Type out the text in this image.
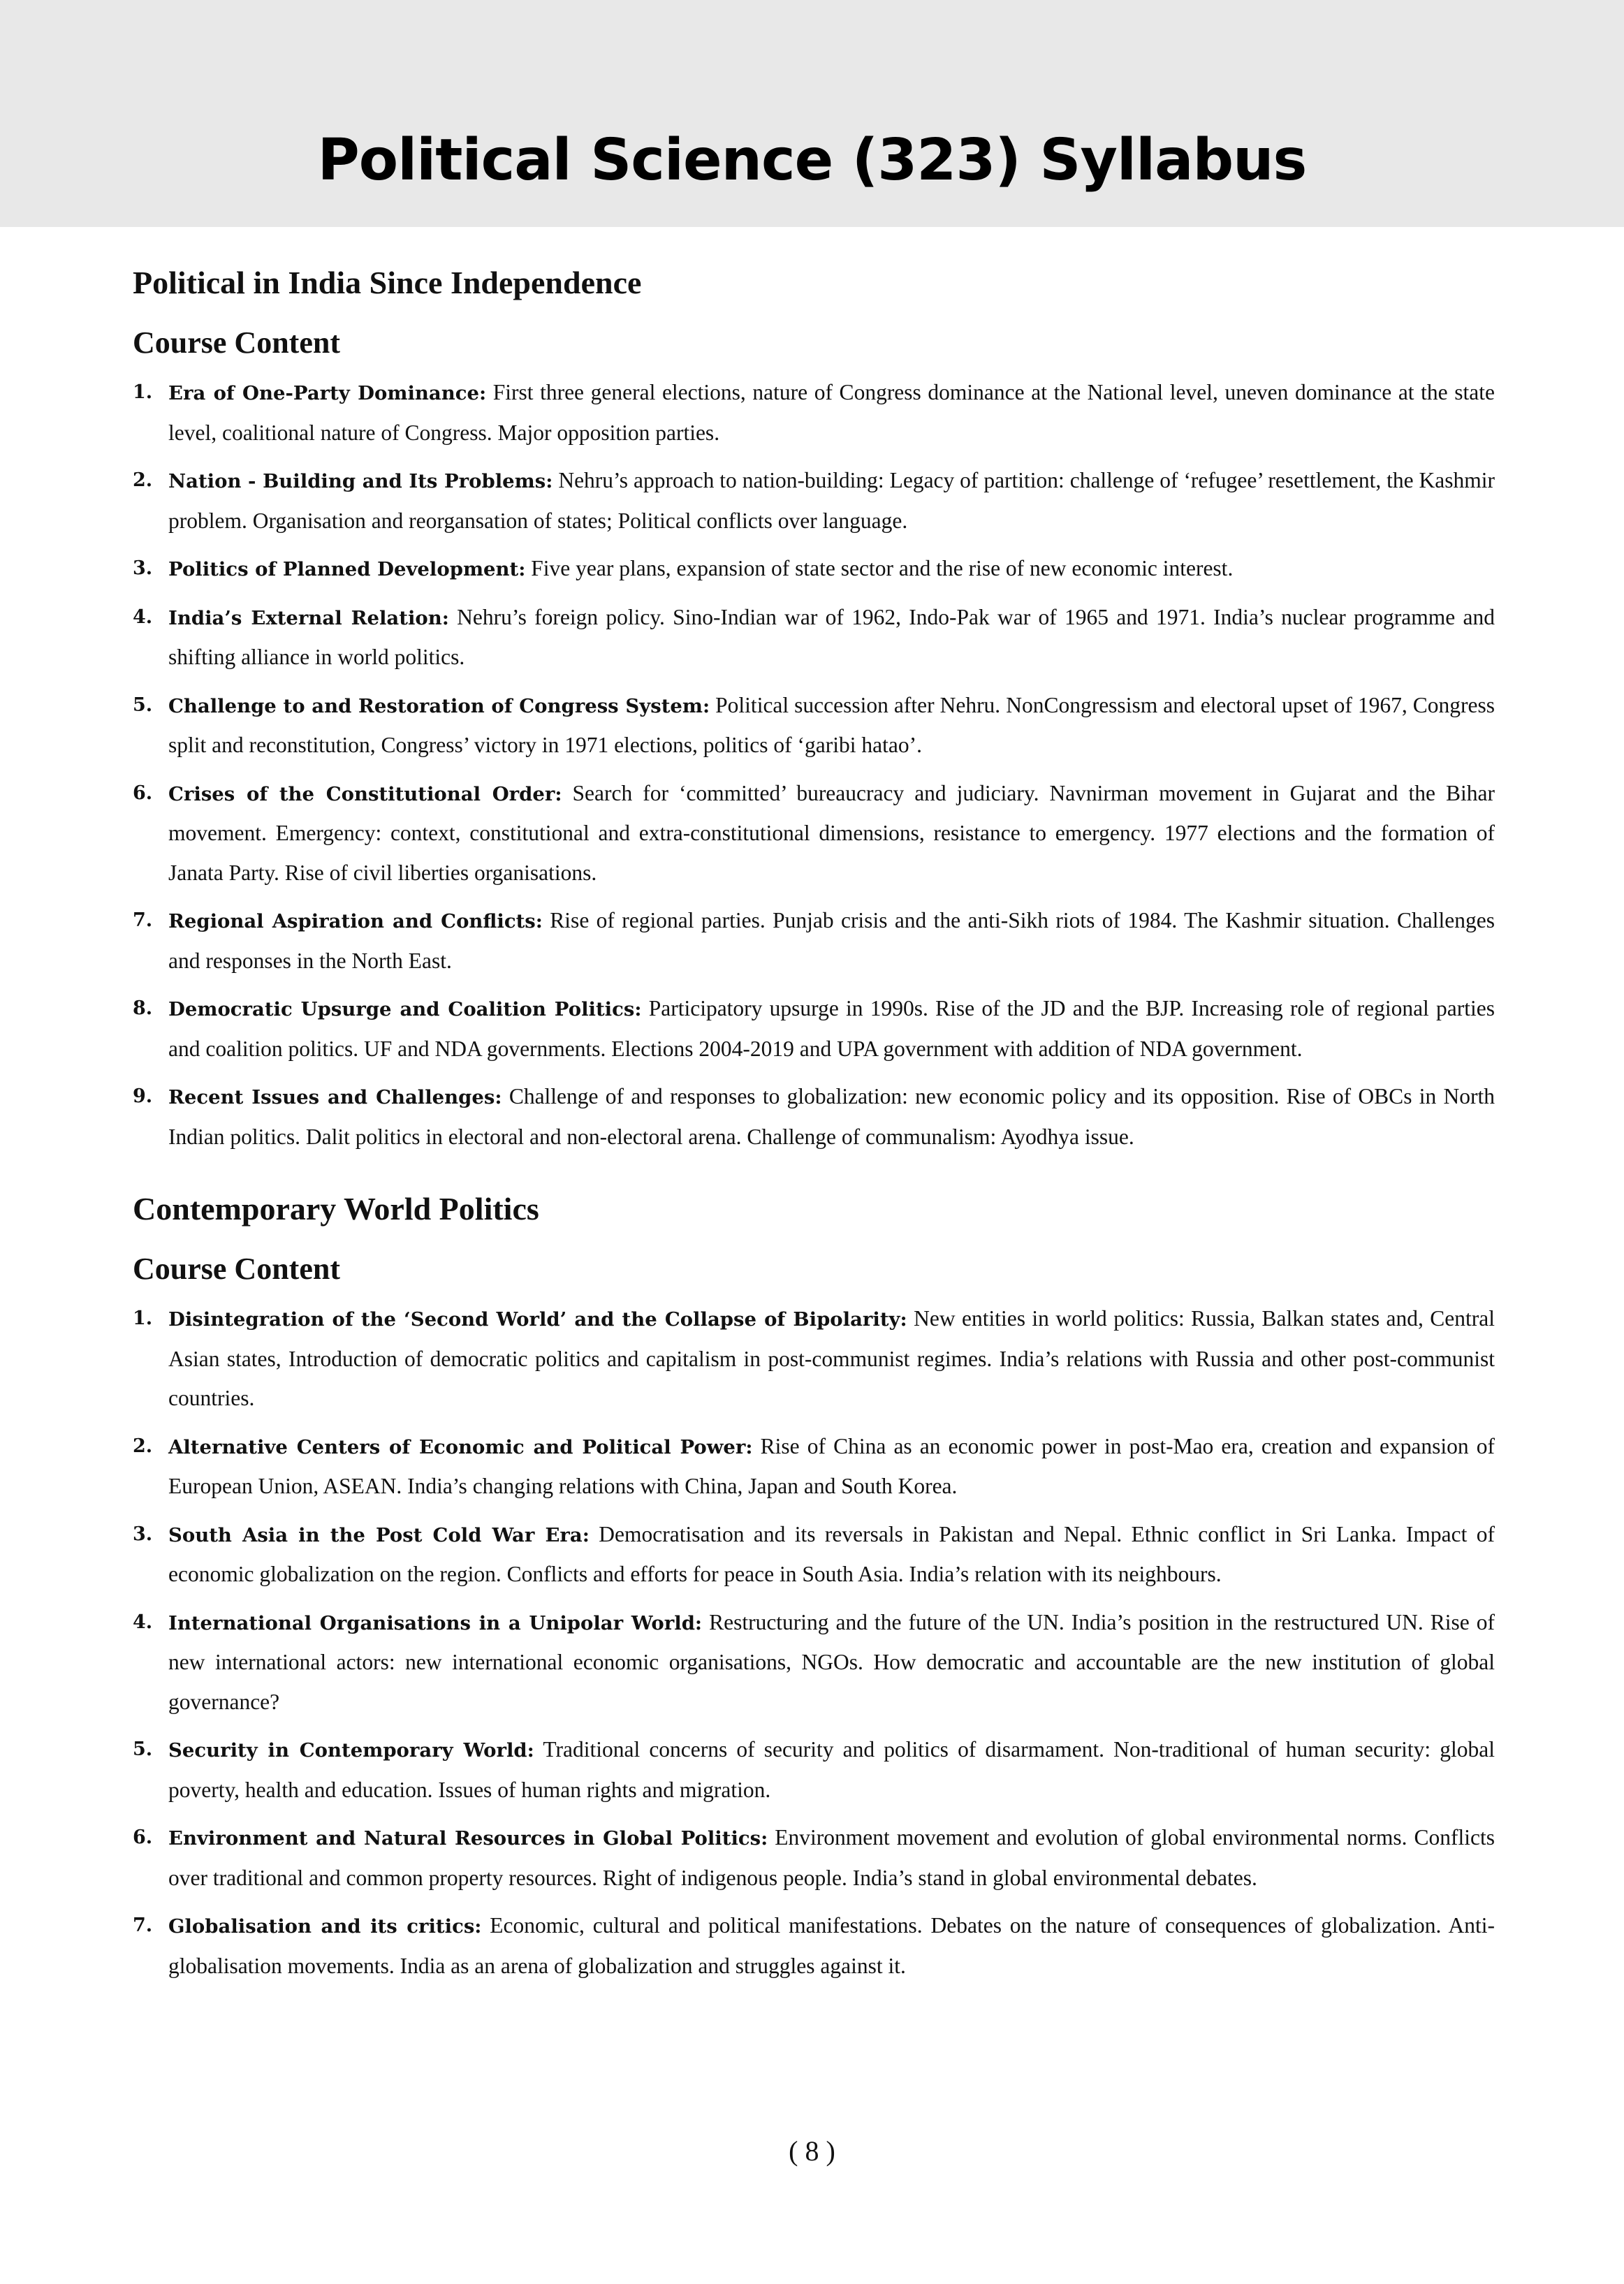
Political Science (323) Syllabus
Political in India Since Independence
Course Content
1. Era of One-Party Dominance: First three general elections, nature of Congress dominance at the National level, uneven dominance at the state level, coalitional nature of Congress. Major opposition parties.
2. Nation - Building and Its Problems: Nehru’s approach to nation-building: Legacy of partition: challenge of ‘refugee’ resettlement, the Kashmir problem. Organisation and reorgansation of states; Political conflicts over language.
3. Politics of Planned Development: Five year plans, expansion of state sector and the rise of new economic interest.
4. India’s External Relation: Nehru’s foreign policy. Sino-Indian war of 1962, Indo-Pak war of 1965 and 1971. India’s nuclear programme and shifting alliance in world politics.
5. Challenge to and Restoration of Congress System: Political succession after Nehru. NonCongressism and electoral upset of 1967, Congress split and reconstitution, Congress’ victory in 1971 elections, politics of ‘garibi hatao’.
6. Crises of the Constitutional Order: Search for ‘committed’ bureaucracy and judiciary. Navnirman movement in Gujarat and the Bihar movement. Emergency: context, constitutional and extra-constitutional dimensions, resistance to emergency. 1977 elections and the formation of Janata Party. Rise of civil liberties organisations.
7. Regional Aspiration and Conflicts: Rise of regional parties. Punjab crisis and the anti-Sikh riots of 1984. The Kashmir situation. Challenges and responses in the North East.
8. Democratic Upsurge and Coalition Politics: Participatory upsurge in 1990s. Rise of the JD and the BJP. Increasing role of regional parties and coalition politics. UF and NDA governments. Elections 2004-2019 and UPA government with addition of NDA government.
9. Recent Issues and Challenges: Challenge of and responses to globalization: new economic policy and its opposition. Rise of OBCs in North Indian politics. Dalit politics in electoral and non-electoral arena. Challenge of communalism: Ayodhya issue.
Contemporary World Politics
Course Content
1. Disintegration of the ‘Second World’ and the Collapse of Bipolarity: New entities in world politics: Russia, Balkan states and, Central Asian states, Introduction of democratic politics and capitalism in post-communist regimes. India’s relations with Russia and other post-communist countries.
2. Alternative Centers of Economic and Political Power: Rise of China as an economic power in post-Mao era, creation and expansion of European Union, ASEAN. India’s changing relations with China, Japan and South Korea.
3. South Asia in the Post Cold War Era: Democratisation and its reversals in Pakistan and Nepal. Ethnic conflict in Sri Lanka. Impact of economic globalization on the region. Conflicts and efforts for peace in South Asia. India’s relation with its neighbours.
4. International Organisations in a Unipolar World: Restructuring and the future of the UN. India’s position in the restructured UN. Rise of new international actors: new international economic organisations, NGOs. How democratic and accountable are the new institution of global governance?
5. Security in Contemporary World: Traditional concerns of security and politics of disarmament. Non-traditional of human security: global poverty, health and education. Issues of human rights and migration.
6. Environment and Natural Resources in Global Politics: Environment movement and evolution of global environmental norms. Conflicts over traditional and common property resources. Right of indigenous people. India’s stand in global environmental debates.
7. Globalisation and its critics: Economic, cultural and political manifestations. Debates on the nature of consequences of globalization. Anti-globalisation movements. India as an arena of globalization and struggles against it.
( 8 )
